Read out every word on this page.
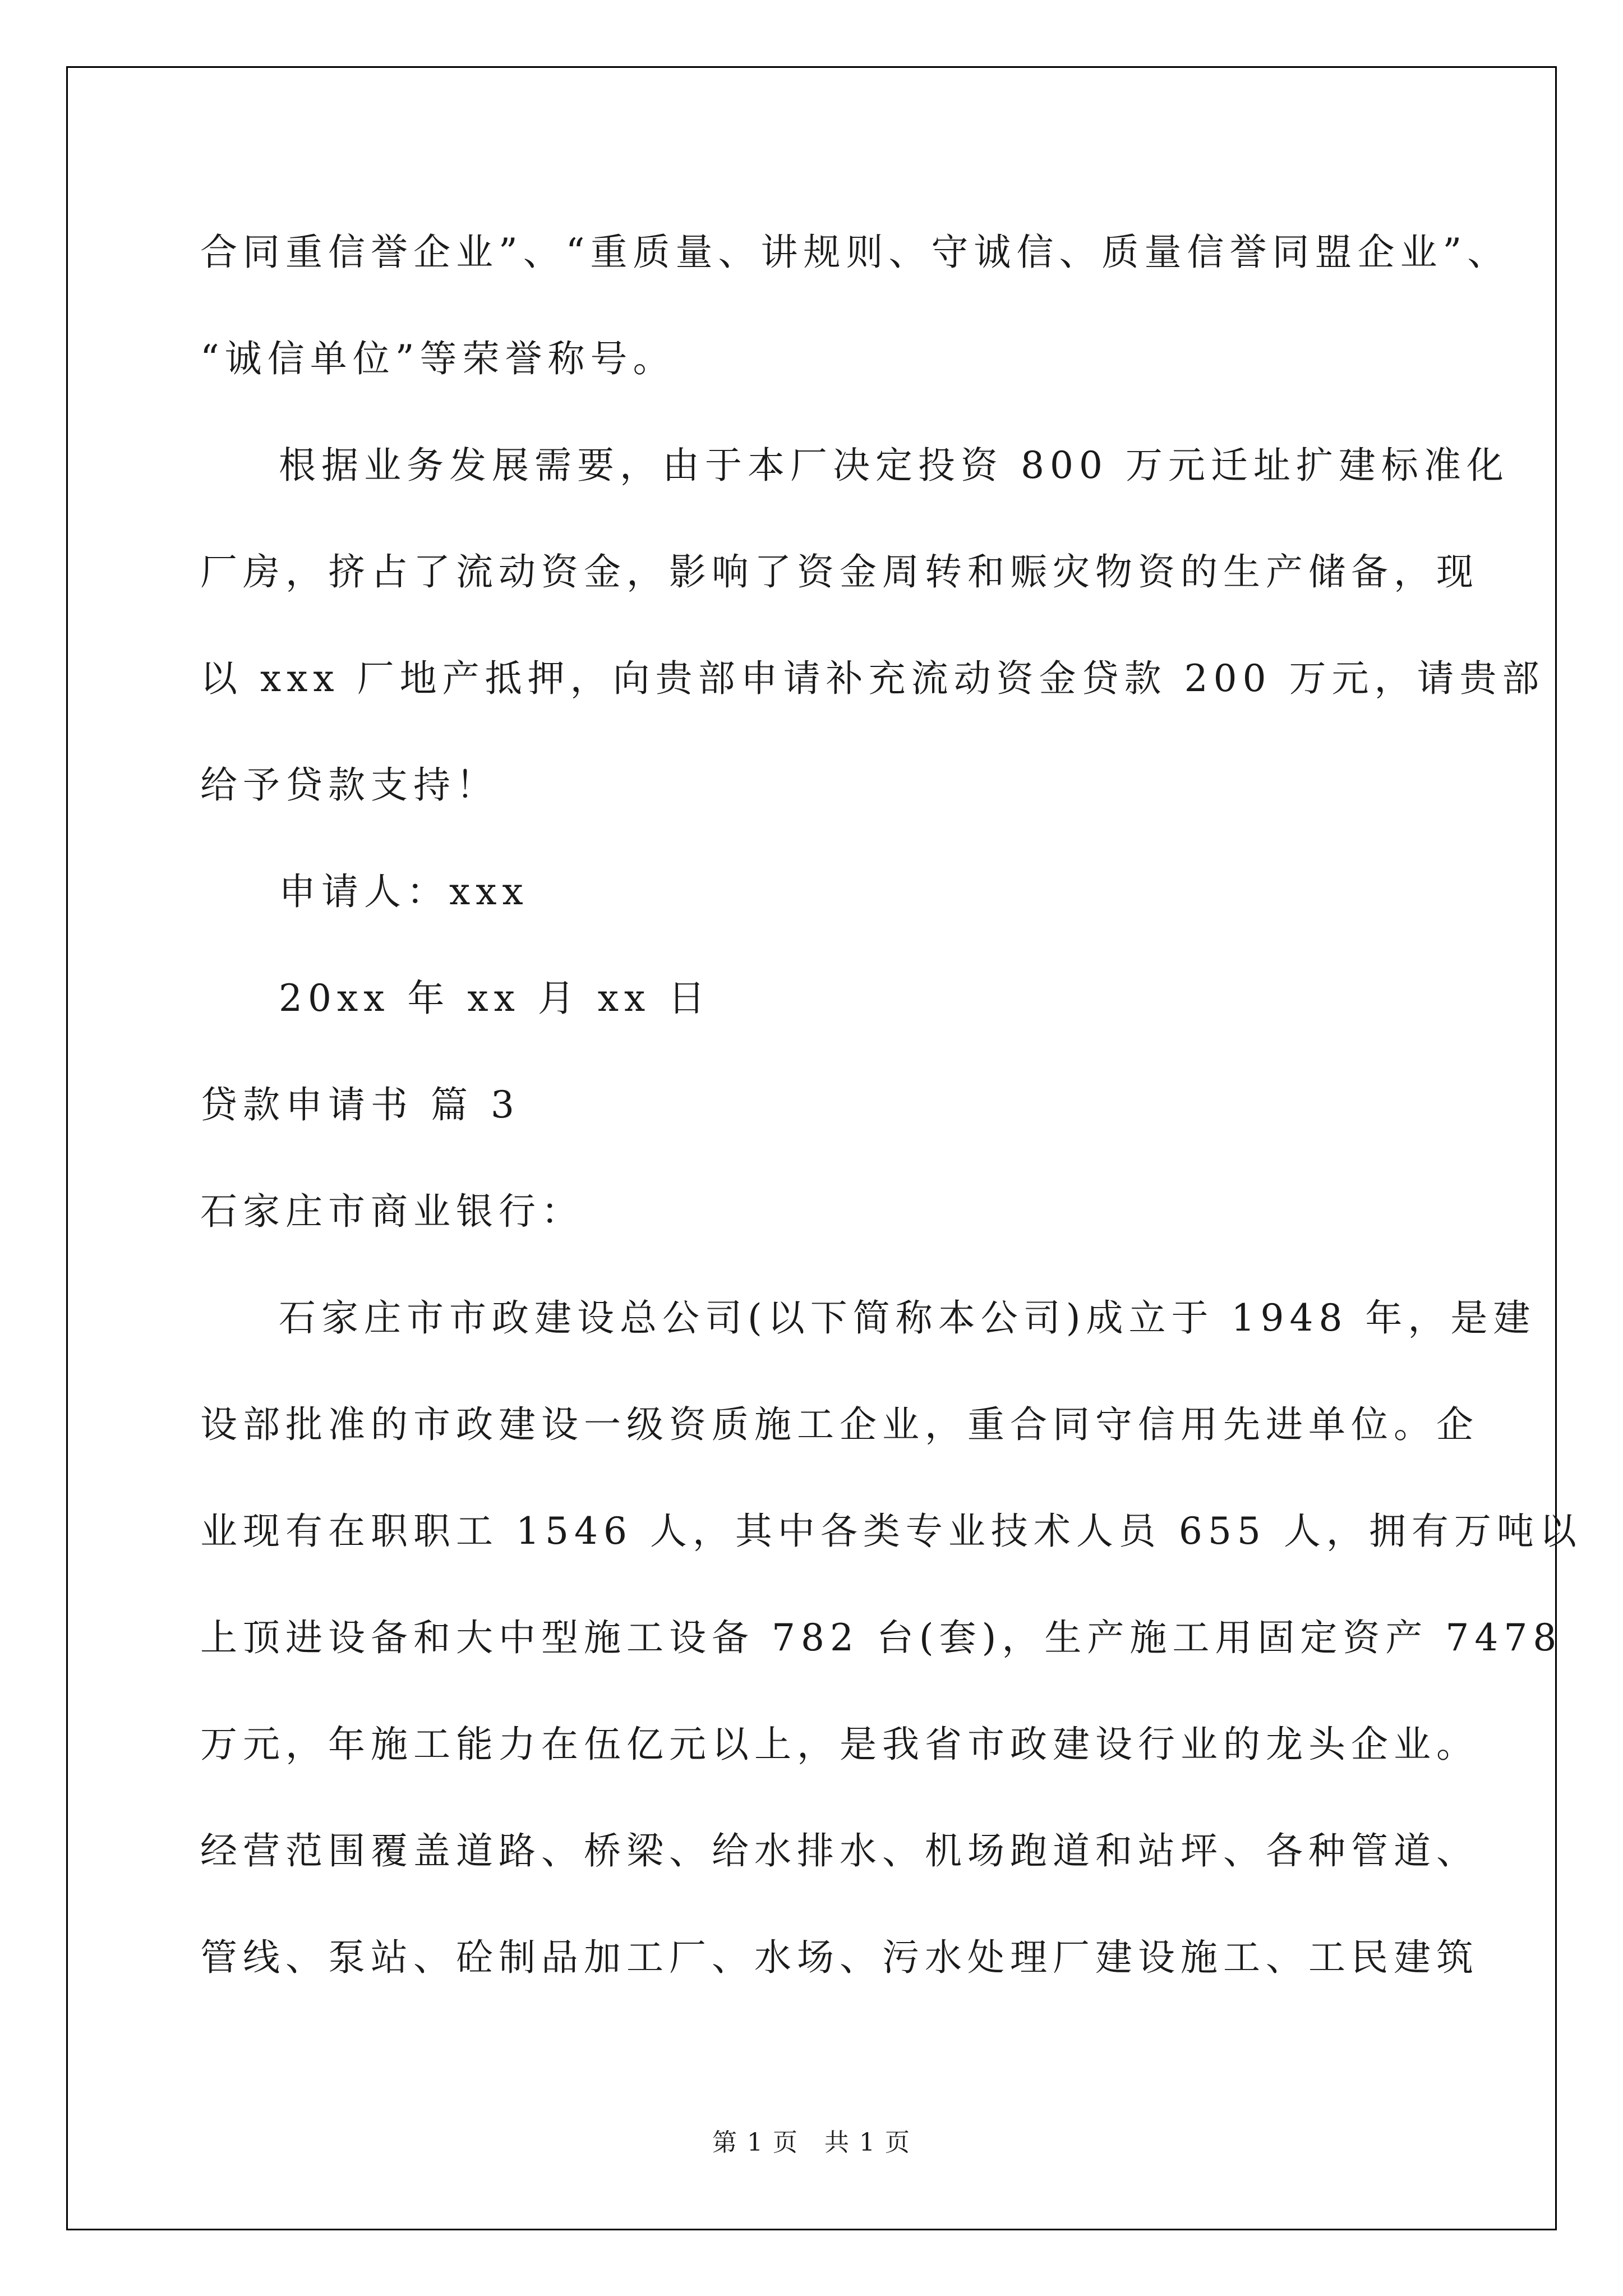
合同重信誉企业”、“重质量、讲规则、守诚信、质量信誉同盟企业”、
“诚信单位”等荣誉称号。
根据业务发展需要，由于本厂决定投资 800 万元迁址扩建标准化
厂房，挤占了流动资金，影响了资金周转和赈灾物资的生产储备，现
以 xxx 厂地产抵押，向贵部申请补充流动资金贷款 200 万元，请贵部
给予贷款支持！
申请人：xxx
20xx 年 xx 月 xx 日
贷款申请书 篇 3
石家庄市商业银行：
石家庄市市政建设总公司(以下简称本公司)成立于 1948 年，是建
设部批准的市政建设一级资质施工企业，重合同守信用先进单位。企
业现有在职职工 1546 人，其中各类专业技术人员 655 人，拥有万吨以
上顶进设备和大中型施工设备 782 台(套)，生产施工用固定资产 7478
万元，年施工能力在伍亿元以上，是我省市政建设行业的龙头企业。
经营范围覆盖道路、桥梁、给水排水、机场跑道和站坪、各种管道、
管线、泵站、砼制品加工厂、水场、污水处理厂建设施工、工民建筑
第 1 页　共 1 页
